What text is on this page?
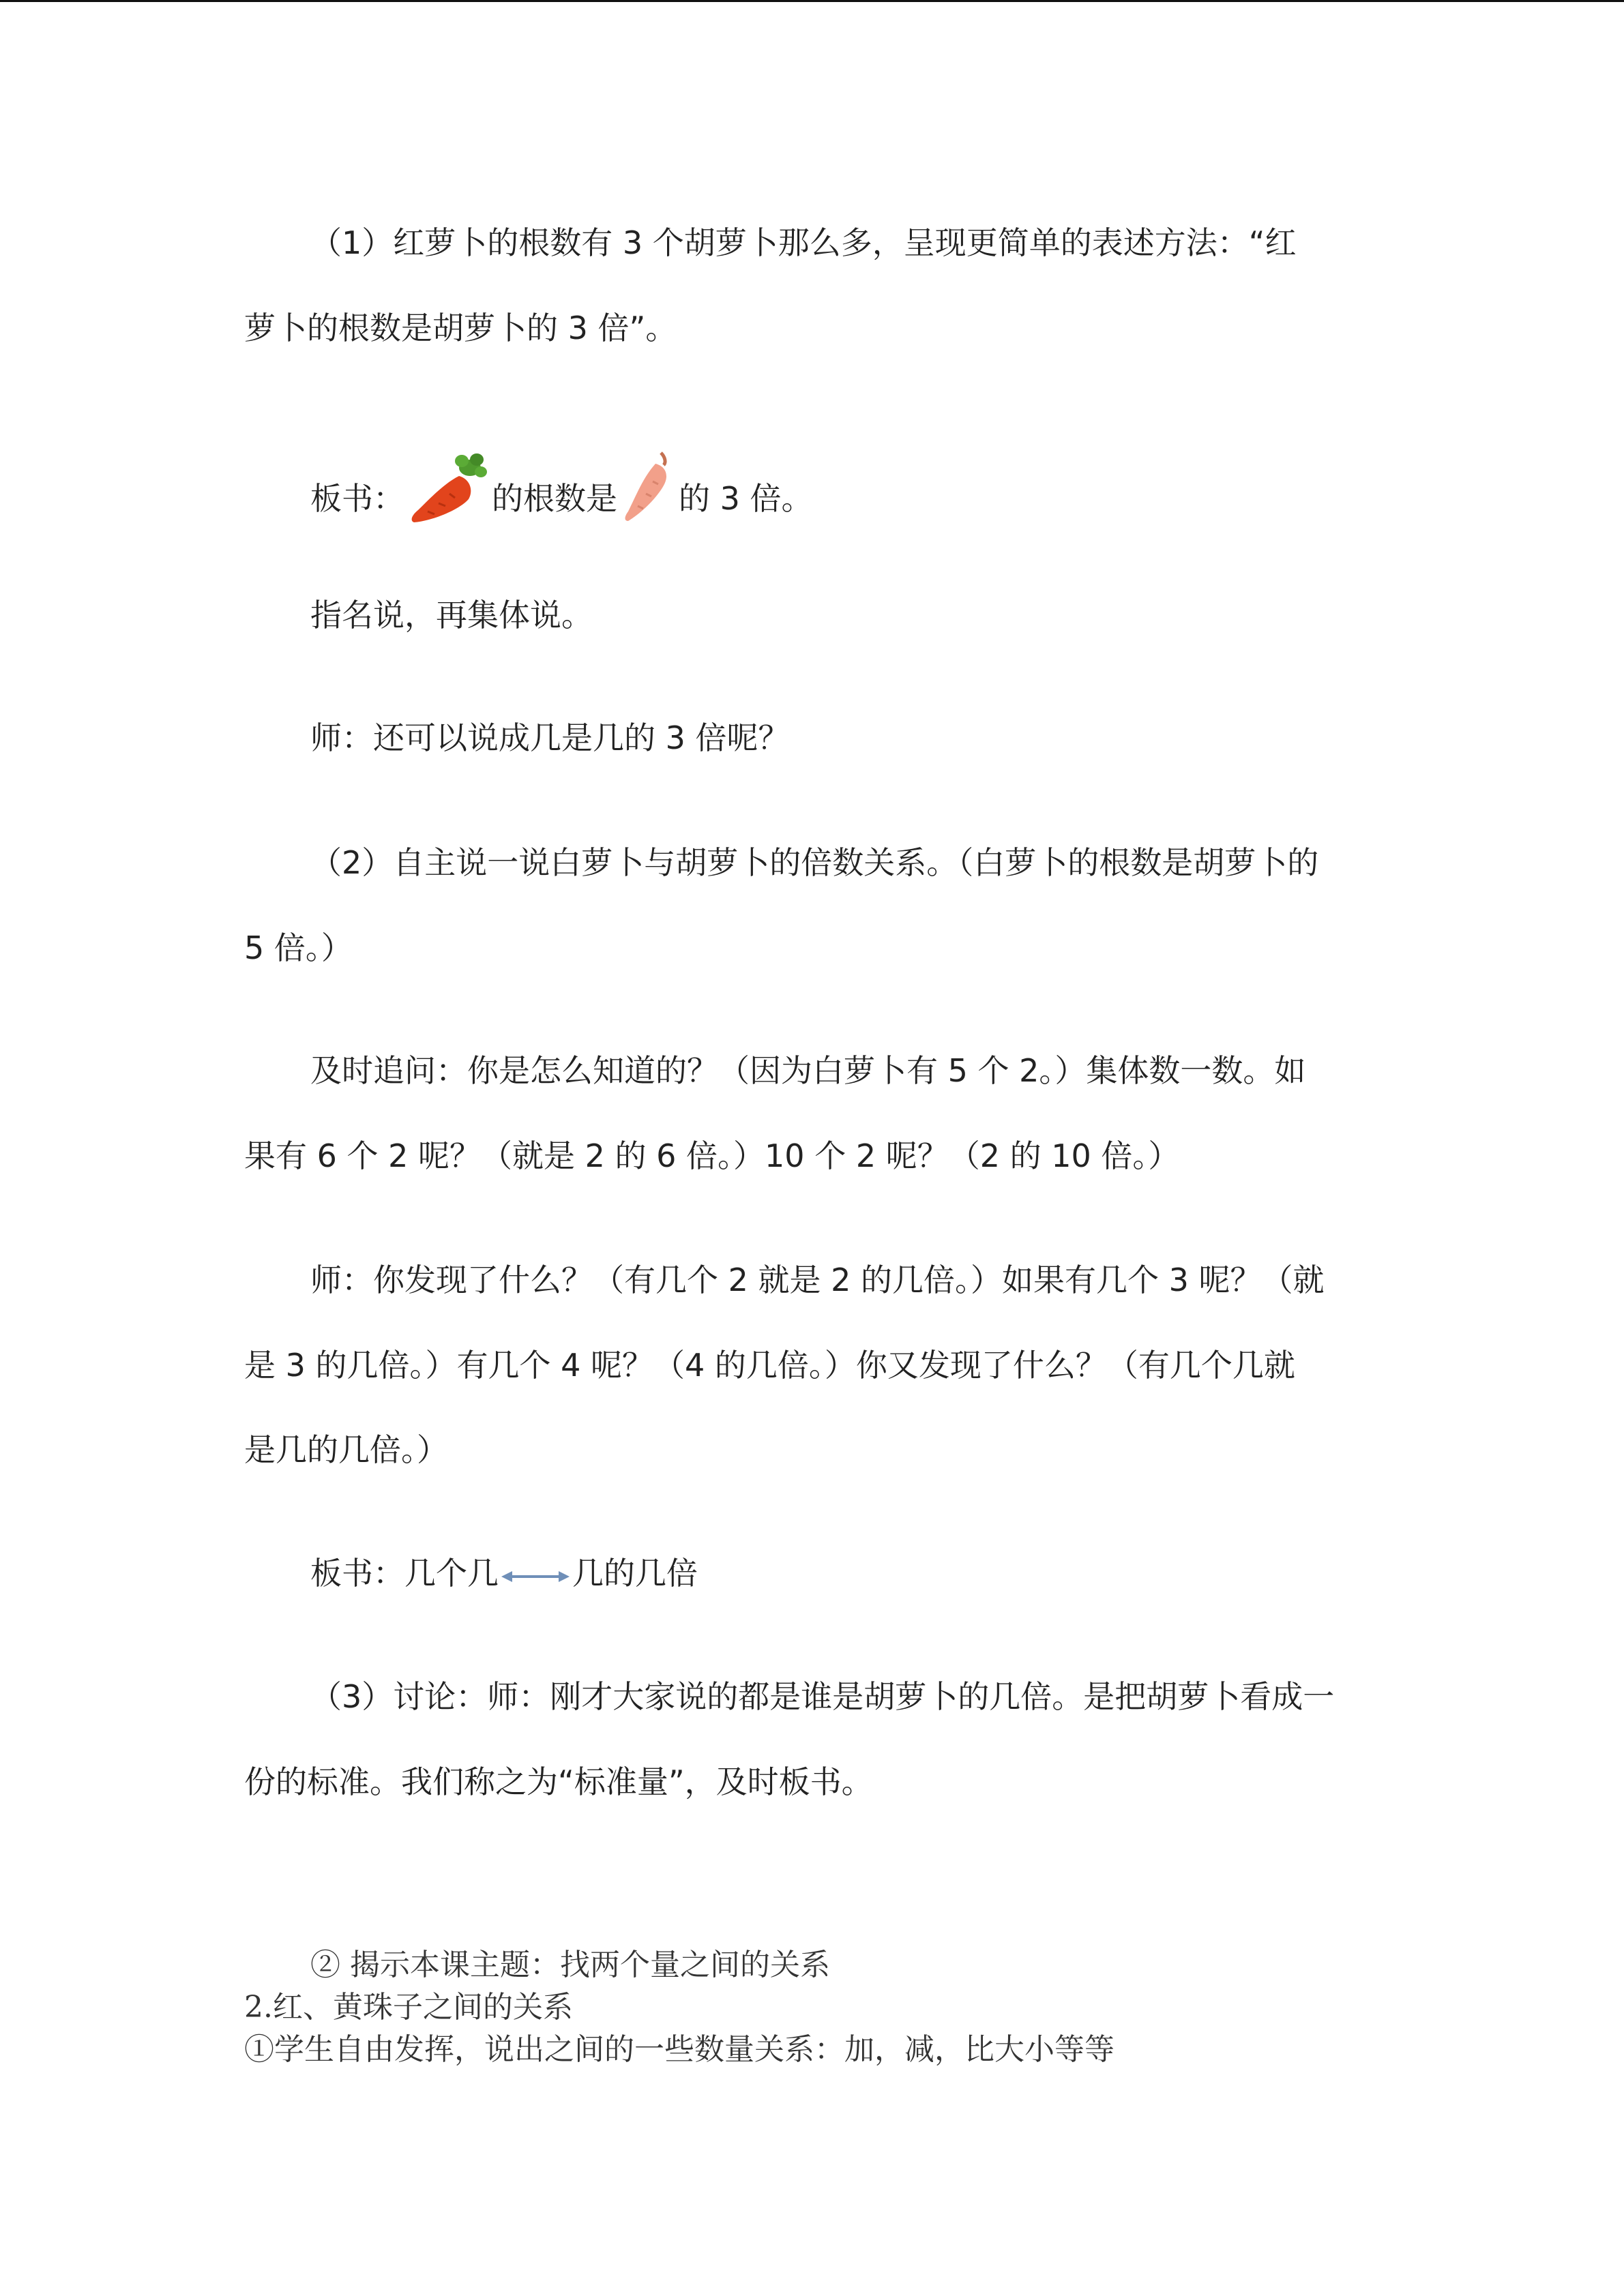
（1）红萝卜的根数有 3 个胡萝卜那么多，呈现更简单的表述方法：“红
萝卜的根数是胡萝卜的 3 倍”。
板书：	的根数是 的 3 倍。
指名说，再集体说。
师：还可以说成几是几的 3 倍呢？
（2）自主说一说白萝卜与胡萝卜的倍数关系。（白萝卜的根数是胡萝卜的
5 倍。）
及时追问：你是怎么知道的？（因为白萝卜有 5 个 2。）集体数一数。如
果有 6 个 2 呢？（就是 2 的 6 倍。）10 个 2 呢？（2 的 10 倍。）
师：你发现了什么？（有几个 2 就是 2 的几倍。）如果有几个 3 呢？（就
是 3 的几倍。）有几个 4 呢？（4 的几倍。）你又发现了什么？（有几个几就
是几的几倍。）
板书：几个几 几的几倍
（3）讨论：师：刚才大家说的都是谁是胡萝卜的几倍。是把胡萝卜看成一
份的标准。我们称之为“标准量”，及时板书。
② 揭示本课主题：找两个量之间的关系
2.红、黄珠子之间的关系
①学生自由发挥，说出之间的一些数量关系：加，减，比大小等等
